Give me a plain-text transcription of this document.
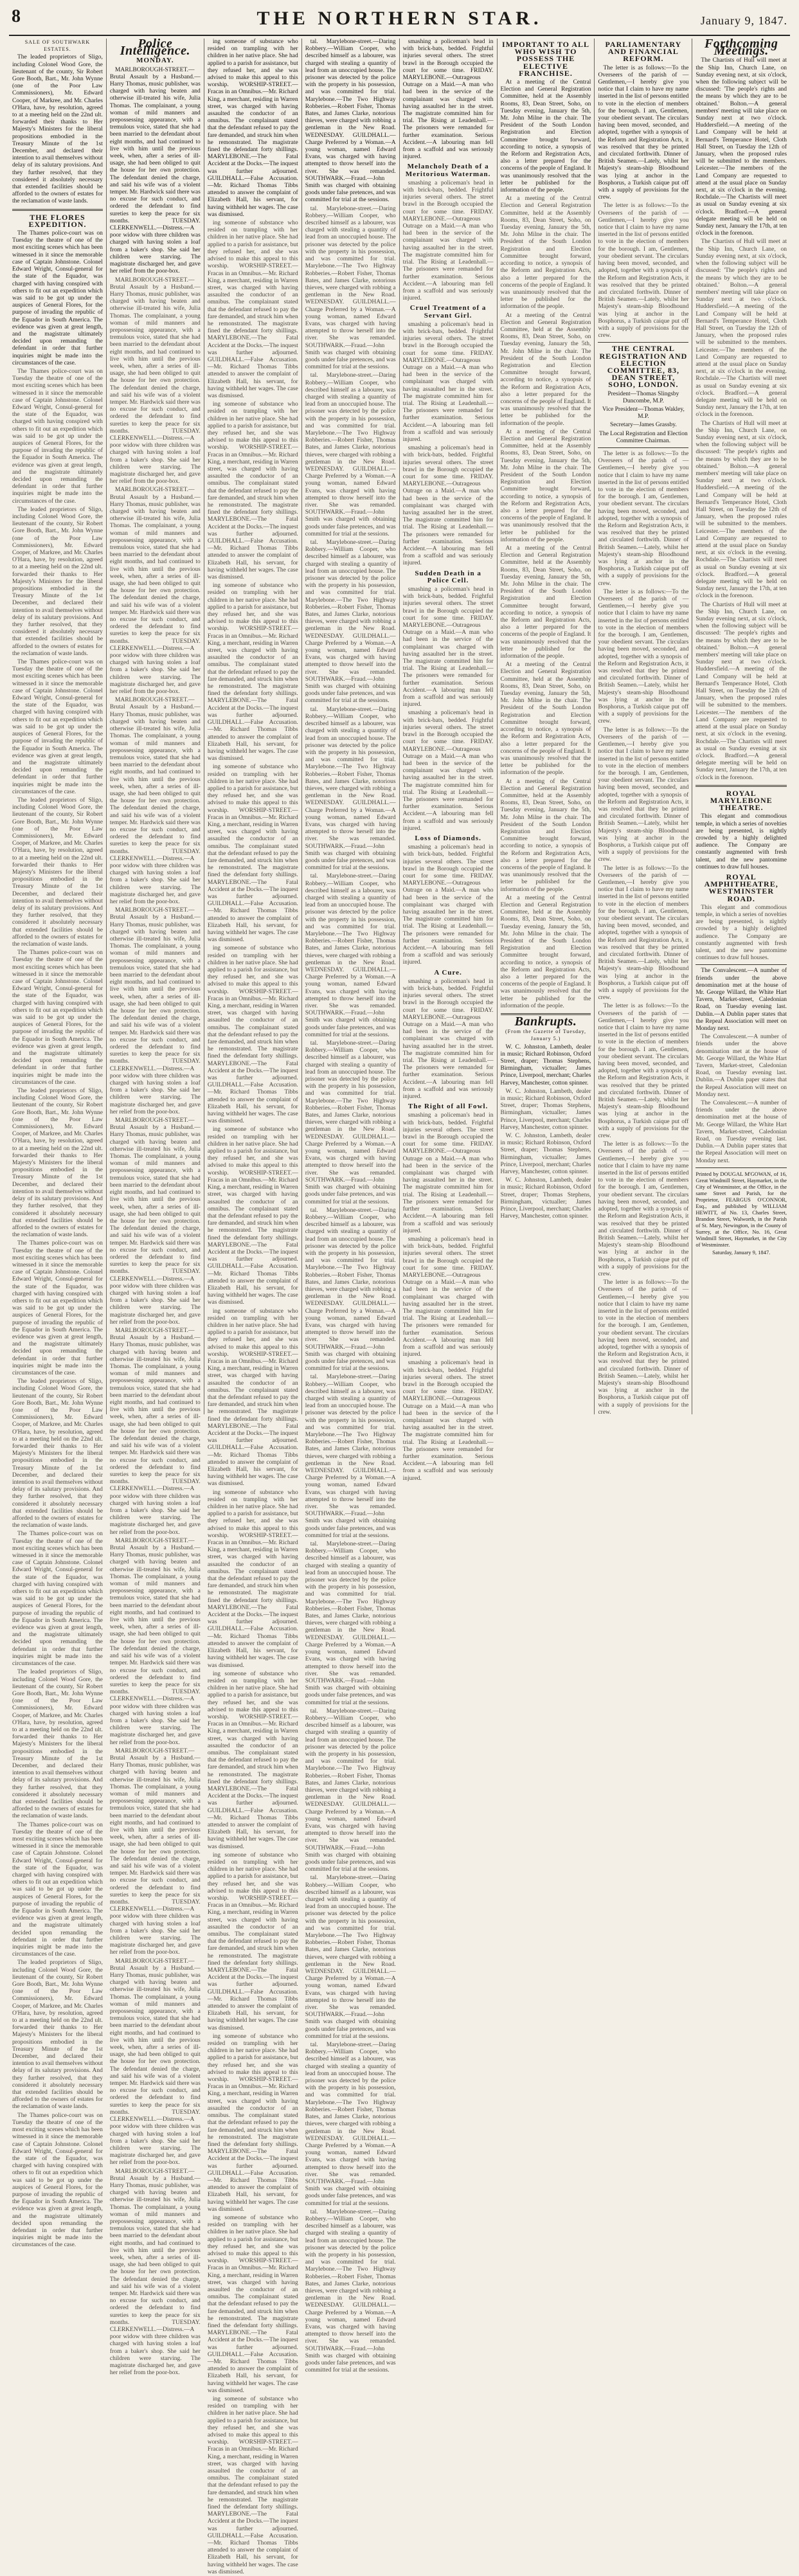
8	THE NORTHERN STAR.	January 9, 1847.
SALE OF SOUTHWARK ESTATES.

The leaded proprietors of Sligo, including Colonel Wood Gore, the lieutenant of the county, Sir Robert Gore Booth, Bart., Mr. John Wynne (one of the Poor Law Commissioners), Mr. Edward Cooper, of Markree, and Mr. Charles O'Hara, have, by resolution, agreed to at a meeting held on the 22nd ult. forwarded their thanks to Her Majesty's Ministers for the liberal propositions embodied in the Treasury Minute of the 1st December, and declared their intention to avail themselves without delay of its salutary provisions. And they further resolved, that they considered it absolutely necessary that extended facilities should be afforded to the owners of estates for the reclamation of waste lands.

THE FLORES EXPEDITION.

The Thames police-court was on Tuesday the theatre of one of the most exciting scenes which has been witnessed in it since the memorable case of Captain Johnstone. Colonel Edward Wright, Consul-general for the state of the Equador, was charged with having conspired with others to fit out an expedition which was said to be got up under the auspices of General Flores, for the purpose of invading the republic of the Equador in South America. The evidence was given at great length, and the magistrate ultimately decided upon remanding the defendant in order that further inquiries might be made into the circumstances of the case.

The Thames police-court was on Tuesday the theatre of one of the most exciting scenes which has been witnessed in it since the memorable case of Captain Johnstone. Colonel Edward Wright, Consul-general for the state of the Equador, was charged with having conspired with others to fit out an expedition which was said to be got up under the auspices of General Flores, for the purpose of invading the republic of the Equador in South America. The evidence was given at great length, and the magistrate ultimately decided upon remanding the defendant in order that further inquiries might be made into the circumstances of the case.

The leaded proprietors of Sligo, including Colonel Wood Gore, the lieutenant of the county, Sir Robert Gore Booth, Bart., Mr. John Wynne (one of the Poor Law Commissioners), Mr. Edward Cooper, of Markree, and Mr. Charles O'Hara, have, by resolution, agreed to at a meeting held on the 22nd ult. forwarded their thanks to Her Majesty's Ministers for the liberal propositions embodied in the Treasury Minute of the 1st December, and declared their intention to avail themselves without delay of its salutary provisions. And they further resolved, that they considered it absolutely necessary that extended facilities should be afforded to the owners of estates for the reclamation of waste lands.

The Thames police-court was on Tuesday the theatre of one of the most exciting scenes which has been witnessed in it since the memorable case of Captain Johnstone. Colonel Edward Wright, Consul-general for the state of the Equador, was charged with having conspired with others to fit out an expedition which was said to be got up under the auspices of General Flores, for the purpose of invading the republic of the Equador in South America. The evidence was given at great length, and the magistrate ultimately decided upon remanding the defendant in order that further inquiries might be made into the circumstances of the case.

The leaded proprietors of Sligo, including Colonel Wood Gore, the lieutenant of the county, Sir Robert Gore Booth, Bart., Mr. John Wynne (one of the Poor Law Commissioners), Mr. Edward Cooper, of Markree, and Mr. Charles O'Hara, have, by resolution, agreed to at a meeting held on the 22nd ult. forwarded their thanks to Her Majesty's Ministers for the liberal propositions embodied in the Treasury Minute of the 1st December, and declared their intention to avail themselves without delay of its salutary provisions. And they further resolved, that they considered it absolutely necessary that extended facilities should be afforded to the owners of estates for the reclamation of waste lands.

The Thames police-court was on Tuesday the theatre of one of the most exciting scenes which has been witnessed in it since the memorable case of Captain Johnstone. Colonel Edward Wright, Consul-general for the state of the Equador, was charged with having conspired with others to fit out an expedition which was said to be got up under the auspices of General Flores, for the purpose of invading the republic of the Equador in South America. The evidence was given at great length, and the magistrate ultimately decided upon remanding the defendant in order that further inquiries might be made into the circumstances of the case.

The leaded proprietors of Sligo, including Colonel Wood Gore, the lieutenant of the county, Sir Robert Gore Booth, Bart., Mr. John Wynne (one of the Poor Law Commissioners), Mr. Edward Cooper, of Markree, and Mr. Charles O'Hara, have, by resolution, agreed to at a meeting held on the 22nd ult. forwarded their thanks to Her Majesty's Ministers for the liberal propositions embodied in the Treasury Minute of the 1st December, and declared their intention to avail themselves without delay of its salutary provisions. And they further resolved, that they considered it absolutely necessary that extended facilities should be afforded to the owners of estates for the reclamation of waste lands.

The Thames police-court was on Tuesday the theatre of one of the most exciting scenes which has been witnessed in it since the memorable case of Captain Johnstone. Colonel Edward Wright, Consul-general for the state of the Equador, was charged with having conspired with others to fit out an expedition which was said to be got up under the auspices of General Flores, for the purpose of invading the republic of the Equador in South America. The evidence was given at great length, and the magistrate ultimately decided upon remanding the defendant in order that further inquiries might be made into the circumstances of the case.

The leaded proprietors of Sligo, including Colonel Wood Gore, the lieutenant of the county, Sir Robert Gore Booth, Bart., Mr. John Wynne (one of the Poor Law Commissioners), Mr. Edward Cooper, of Markree, and Mr. Charles O'Hara, have, by resolution, agreed to at a meeting held on the 22nd ult. forwarded their thanks to Her Majesty's Ministers for the liberal propositions embodied in the Treasury Minute of the 1st December, and declared their intention to avail themselves without delay of its salutary provisions. And they further resolved, that they considered it absolutely necessary that extended facilities should be afforded to the owners of estates for the reclamation of waste lands.

The Thames police-court was on Tuesday the theatre of one of the most exciting scenes which has been witnessed in it since the memorable case of Captain Johnstone. Colonel Edward Wright, Consul-general for the state of the Equador, was charged with having conspired with others to fit out an expedition which was said to be got up under the auspices of General Flores, for the purpose of invading the republic of the Equador in South America. The evidence was given at great length, and the magistrate ultimately decided upon remanding the defendant in order that further inquiries might be made into the circumstances of the case.

The leaded proprietors of Sligo, including Colonel Wood Gore, the lieutenant of the county, Sir Robert Gore Booth, Bart., Mr. John Wynne (one of the Poor Law Commissioners), Mr. Edward Cooper, of Markree, and Mr. Charles O'Hara, have, by resolution, agreed to at a meeting held on the 22nd ult. forwarded their thanks to Her Majesty's Ministers for the liberal propositions embodied in the Treasury Minute of the 1st December, and declared their intention to avail themselves without delay of its salutary provisions. And they further resolved, that they considered it absolutely necessary that extended facilities should be afforded to the owners of estates for the reclamation of waste lands.

The Thames police-court was on Tuesday the theatre of one of the most exciting scenes which has been witnessed in it since the memorable case of Captain Johnstone. Colonel Edward Wright, Consul-general for the state of the Equador, was charged with having conspired with others to fit out an expedition which was said to be got up under the auspices of General Flores, for the purpose of invading the republic of the Equador in South America. The evidence was given at great length, and the magistrate ultimately decided upon remanding the defendant in order that further inquiries might be made into the circumstances of the case.

The leaded proprietors of Sligo, including Colonel Wood Gore, the lieutenant of the county, Sir Robert Gore Booth, Bart., Mr. John Wynne (one of the Poor Law Commissioners), Mr. Edward Cooper, of Markree, and Mr. Charles O'Hara, have, by resolution, agreed to at a meeting held on the 22nd ult. forwarded their thanks to Her Majesty's Ministers for the liberal propositions embodied in the Treasury Minute of the 1st December, and declared their intention to avail themselves without delay of its salutary provisions. And they further resolved, that they considered it absolutely necessary that extended facilities should be afforded to the owners of estates for the reclamation of waste lands.

The Thames police-court was on Tuesday the theatre of one of the most exciting scenes which has been witnessed in it since the memorable case of Captain Johnstone. Colonel Edward Wright, Consul-general for the state of the Equador, was charged with having conspired with others to fit out an expedition which was said to be got up under the auspices of General Flores, for the purpose of invading the republic of the Equador in South America. The evidence was given at great length, and the magistrate ultimately decided upon remanding the defendant in order that further inquiries might be made into the circumstances of the case.

Police Intelligence.
MONDAY.

MARLBOROUGH-STREET.—Brutal Assault by a Husband.—Harry Thomas, music publisher, was charged with having beaten and otherwise ill-treated his wife, Julia Thomas. The complainant, a young woman of mild manners and prepossessing appearance, with a tremulous voice, stated that she had been married to the defendant about eight months, and had continued to live with him until the previous week, when, after a series of ill-usage, she had been obliged to quit the house for her own protection. The defendant denied the charge, and said his wife was of a violent temper. Mr. Hardwick said there was no excuse for such conduct, and ordered the defendant to find sureties to keep the peace for six months. TUESDAY. CLERKENWELL.—Distress.—A poor widow with three children was charged with having stolen a loaf from a baker's shop. She said her children were starving. The magistrate discharged her, and gave her relief from the poor-box.

MARLBOROUGH-STREET.—Brutal Assault by a Husband.—Harry Thomas, music publisher, was charged with having beaten and otherwise ill-treated his wife, Julia Thomas. The complainant, a young woman of mild manners and prepossessing appearance, with a tremulous voice, stated that she had been married to the defendant about eight months, and had continued to live with him until the previous week, when, after a series of ill-usage, she had been obliged to quit the house for her own protection. The defendant denied the charge, and said his wife was of a violent temper. Mr. Hardwick said there was no excuse for such conduct, and ordered the defendant to find sureties to keep the peace for six months. TUESDAY. CLERKENWELL.—Distress.—A poor widow with three children was charged with having stolen a loaf from a baker's shop. She said her children were starving. The magistrate discharged her, and gave her relief from the poor-box.

MARLBOROUGH-STREET.—Brutal Assault by a Husband.—Harry Thomas, music publisher, was charged with having beaten and otherwise ill-treated his wife, Julia Thomas. The complainant, a young woman of mild manners and prepossessing appearance, with a tremulous voice, stated that she had been married to the defendant about eight months, and had continued to live with him until the previous week, when, after a series of ill-usage, she had been obliged to quit the house for her own protection. The defendant denied the charge, and said his wife was of a violent temper. Mr. Hardwick said there was no excuse for such conduct, and ordered the defendant to find sureties to keep the peace for six months. TUESDAY. CLERKENWELL.—Distress.—A poor widow with three children was charged with having stolen a loaf from a baker's shop. She said her children were starving. The magistrate discharged her, and gave her relief from the poor-box.

MARLBOROUGH-STREET.—Brutal Assault by a Husband.—Harry Thomas, music publisher, was charged with having beaten and otherwise ill-treated his wife, Julia Thomas. The complainant, a young woman of mild manners and prepossessing appearance, with a tremulous voice, stated that she had been married to the defendant about eight months, and had continued to live with him until the previous week, when, after a series of ill-usage, she had been obliged to quit the house for her own protection. The defendant denied the charge, and said his wife was of a violent temper. Mr. Hardwick said there was no excuse for such conduct, and ordered the defendant to find sureties to keep the peace for six months. TUESDAY. CLERKENWELL.—Distress.—A poor widow with three children was charged with having stolen a loaf from a baker's shop. She said her children were starving. The magistrate discharged her, and gave her relief from the poor-box.

MARLBOROUGH-STREET.—Brutal Assault by a Husband.—Harry Thomas, music publisher, was charged with having beaten and otherwise ill-treated his wife, Julia Thomas. The complainant, a young woman of mild manners and prepossessing appearance, with a tremulous voice, stated that she had been married to the defendant about eight months, and had continued to live with him until the previous week, when, after a series of ill-usage, she had been obliged to quit the house for her own protection. The defendant denied the charge, and said his wife was of a violent temper. Mr. Hardwick said there was no excuse for such conduct, and ordered the defendant to find sureties to keep the peace for six months. TUESDAY. CLERKENWELL.—Distress.—A poor widow with three children was charged with having stolen a loaf from a baker's shop. She said her children were starving. The magistrate discharged her, and gave her relief from the poor-box.

MARLBOROUGH-STREET.—Brutal Assault by a Husband.—Harry Thomas, music publisher, was charged with having beaten and otherwise ill-treated his wife, Julia Thomas. The complainant, a young woman of mild manners and prepossessing appearance, with a tremulous voice, stated that she had been married to the defendant about eight months, and had continued to live with him until the previous week, when, after a series of ill-usage, she had been obliged to quit the house for her own protection. The defendant denied the charge, and said his wife was of a violent temper. Mr. Hardwick said there was no excuse for such conduct, and ordered the defendant to find sureties to keep the peace for six months. TUESDAY. CLERKENWELL.—Distress.—A poor widow with three children was charged with having stolen a loaf from a baker's shop. She said her children were starving. The magistrate discharged her, and gave her relief from the poor-box.

MARLBOROUGH-STREET.—Brutal Assault by a Husband.—Harry Thomas, music publisher, was charged with having beaten and otherwise ill-treated his wife, Julia Thomas. The complainant, a young woman of mild manners and prepossessing appearance, with a tremulous voice, stated that she had been married to the defendant about eight months, and had continued to live with him until the previous week, when, after a series of ill-usage, she had been obliged to quit the house for her own protection. The defendant denied the charge, and said his wife was of a violent temper. Mr. Hardwick said there was no excuse for such conduct, and ordered the defendant to find sureties to keep the peace for six months. TUESDAY. CLERKENWELL.—Distress.—A poor widow with three children was charged with having stolen a loaf from a baker's shop. She said her children were starving. The magistrate discharged her, and gave her relief from the poor-box.

MARLBOROUGH-STREET.—Brutal Assault by a Husband.—Harry Thomas, music publisher, was charged with having beaten and otherwise ill-treated his wife, Julia Thomas. The complainant, a young woman of mild manners and prepossessing appearance, with a tremulous voice, stated that she had been married to the defendant about eight months, and had continued to live with him until the previous week, when, after a series of ill-usage, she had been obliged to quit the house for her own protection. The defendant denied the charge, and said his wife was of a violent temper. Mr. Hardwick said there was no excuse for such conduct, and ordered the defendant to find sureties to keep the peace for six months. TUESDAY. CLERKENWELL.—Distress.—A poor widow with three children was charged with having stolen a loaf from a baker's shop. She said her children were starving. The magistrate discharged her, and gave her relief from the poor-box.

MARLBOROUGH-STREET.—Brutal Assault by a Husband.—Harry Thomas, music publisher, was charged with having beaten and otherwise ill-treated his wife, Julia Thomas. The complainant, a young woman of mild manners and prepossessing appearance, with a tremulous voice, stated that she had been married to the defendant about eight months, and had continued to live with him until the previous week, when, after a series of ill-usage, she had been obliged to quit the house for her own protection. The defendant denied the charge, and said his wife was of a violent temper. Mr. Hardwick said there was no excuse for such conduct, and ordered the defendant to find sureties to keep the peace for six months. TUESDAY. CLERKENWELL.—Distress.—A poor widow with three children was charged with having stolen a loaf from a baker's shop. She said her children were starving. The magistrate discharged her, and gave her relief from the poor-box.

MARLBOROUGH-STREET.—Brutal Assault by a Husband.—Harry Thomas, music publisher, was charged with having beaten and otherwise ill-treated his wife, Julia Thomas. The complainant, a young woman of mild manners and prepossessing appearance, with a tremulous voice, stated that she had been married to the defendant about eight months, and had continued to live with him until the previous week, when, after a series of ill-usage, she had been obliged to quit the house for her own protection. The defendant denied the charge, and said his wife was of a violent temper. Mr. Hardwick said there was no excuse for such conduct, and ordered the defendant to find sureties to keep the peace for six months. TUESDAY. CLERKENWELL.—Distress.—A poor widow with three children was charged with having stolen a loaf from a baker's shop. She said her children were starving. The magistrate discharged her, and gave her relief from the poor-box.

MARLBOROUGH-STREET.—Brutal Assault by a Husband.—Harry Thomas, music publisher, was charged with having beaten and otherwise ill-treated his wife, Julia Thomas. The complainant, a young woman of mild manners and prepossessing appearance, with a tremulous voice, stated that she had been married to the defendant about eight months, and had continued to live with him until the previous week, when, after a series of ill-usage, she had been obliged to quit the house for her own protection. The defendant denied the charge, and said his wife was of a violent temper. Mr. Hardwick said there was no excuse for such conduct, and ordered the defendant to find sureties to keep the peace for six months. TUESDAY. CLERKENWELL.—Distress.—A poor widow with three children was charged with having stolen a loaf from a baker's shop. She said her children were starving. The magistrate discharged her, and gave her relief from the poor-box.

ing someone of substance who resided on trampling with her children in her native place. She had applied to a parish for assistance, but they refused her, and she was advised to make this appeal to this worship. WORSHIP-STREET.—Fracas in an Omnibus.—Mr. Richard King, a merchant, residing in Warren street, was charged with having assaulted the conductor of an omnibus. The complainant stated that the defendant refused to pay the fare demanded, and struck him when he remonstrated. The magistrate fined the defendant forty shillings. MARYLEBONE.—The Fatal Accident at the Docks.—The inquest was further adjourned. GUILDHALL.—False Accusation.—Mr. Richard Thomas Tibbs attended to answer the complaint of Elizabeth Hall, his servant, for having withheld her wages. The case was dismissed.

ing someone of substance who resided on trampling with her children in her native place. She had applied to a parish for assistance, but they refused her, and she was advised to make this appeal to this worship. WORSHIP-STREET.—Fracas in an Omnibus.—Mr. Richard King, a merchant, residing in Warren street, was charged with having assaulted the conductor of an omnibus. The complainant stated that the defendant refused to pay the fare demanded, and struck him when he remonstrated. The magistrate fined the defendant forty shillings. MARYLEBONE.—The Fatal Accident at the Docks.—The inquest was further adjourned. GUILDHALL.—False Accusation.—Mr. Richard Thomas Tibbs attended to answer the complaint of Elizabeth Hall, his servant, for having withheld her wages. The case was dismissed.

ing someone of substance who resided on trampling with her children in her native place. She had applied to a parish for assistance, but they refused her, and she was advised to make this appeal to this worship. WORSHIP-STREET.—Fracas in an Omnibus.—Mr. Richard King, a merchant, residing in Warren street, was charged with having assaulted the conductor of an omnibus. The complainant stated that the defendant refused to pay the fare demanded, and struck him when he remonstrated. The magistrate fined the defendant forty shillings. MARYLEBONE.—The Fatal Accident at the Docks.—The inquest was further adjourned. GUILDHALL.—False Accusation.—Mr. Richard Thomas Tibbs attended to answer the complaint of Elizabeth Hall, his servant, for having withheld her wages. The case was dismissed.

ing someone of substance who resided on trampling with her children in her native place. She had applied to a parish for assistance, but they refused her, and she was advised to make this appeal to this worship. WORSHIP-STREET.—Fracas in an Omnibus.—Mr. Richard King, a merchant, residing in Warren street, was charged with having assaulted the conductor of an omnibus. The complainant stated that the defendant refused to pay the fare demanded, and struck him when he remonstrated. The magistrate fined the defendant forty shillings. MARYLEBONE.—The Fatal Accident at the Docks.—The inquest was further adjourned. GUILDHALL.—False Accusation.—Mr. Richard Thomas Tibbs attended to answer the complaint of Elizabeth Hall, his servant, for having withheld her wages. The case was dismissed.

ing someone of substance who resided on trampling with her children in her native place. She had applied to a parish for assistance, but they refused her, and she was advised to make this appeal to this worship. WORSHIP-STREET.—Fracas in an Omnibus.—Mr. Richard King, a merchant, residing in Warren street, was charged with having assaulted the conductor of an omnibus. The complainant stated that the defendant refused to pay the fare demanded, and struck him when he remonstrated. The magistrate fined the defendant forty shillings. MARYLEBONE.—The Fatal Accident at the Docks.—The inquest was further adjourned. GUILDHALL.—False Accusation.—Mr. Richard Thomas Tibbs attended to answer the complaint of Elizabeth Hall, his servant, for having withheld her wages. The case was dismissed.

ing someone of substance who resided on trampling with her children in her native place. She had applied to a parish for assistance, but they refused her, and she was advised to make this appeal to this worship. WORSHIP-STREET.—Fracas in an Omnibus.—Mr. Richard King, a merchant, residing in Warren street, was charged with having assaulted the conductor of an omnibus. The complainant stated that the defendant refused to pay the fare demanded, and struck him when he remonstrated. The magistrate fined the defendant forty shillings. MARYLEBONE.—The Fatal Accident at the Docks.—The inquest was further adjourned. GUILDHALL.—False Accusation.—Mr. Richard Thomas Tibbs attended to answer the complaint of Elizabeth Hall, his servant, for having withheld her wages. The case was dismissed.

ing someone of substance who resided on trampling with her children in her native place. She had applied to a parish for assistance, but they refused her, and she was advised to make this appeal to this worship. WORSHIP-STREET.—Fracas in an Omnibus.—Mr. Richard King, a merchant, residing in Warren street, was charged with having assaulted the conductor of an omnibus. The complainant stated that the defendant refused to pay the fare demanded, and struck him when he remonstrated. The magistrate fined the defendant forty shillings. MARYLEBONE.—The Fatal Accident at the Docks.—The inquest was further adjourned. GUILDHALL.—False Accusation.—Mr. Richard Thomas Tibbs attended to answer the complaint of Elizabeth Hall, his servant, for having withheld her wages. The case was dismissed.

ing someone of substance who resided on trampling with her children in her native place. She had applied to a parish for assistance, but they refused her, and she was advised to make this appeal to this worship. WORSHIP-STREET.—Fracas in an Omnibus.—Mr. Richard King, a merchant, residing in Warren street, was charged with having assaulted the conductor of an omnibus. The complainant stated that the defendant refused to pay the fare demanded, and struck him when he remonstrated. The magistrate fined the defendant forty shillings. MARYLEBONE.—The Fatal Accident at the Docks.—The inquest was further adjourned. GUILDHALL.—False Accusation.—Mr. Richard Thomas Tibbs attended to answer the complaint of Elizabeth Hall, his servant, for having withheld her wages. The case was dismissed.

ing someone of substance who resided on trampling with her children in her native place. She had applied to a parish for assistance, but they refused her, and she was advised to make this appeal to this worship. WORSHIP-STREET.—Fracas in an Omnibus.—Mr. Richard King, a merchant, residing in Warren street, was charged with having assaulted the conductor of an omnibus. The complainant stated that the defendant refused to pay the fare demanded, and struck him when he remonstrated. The magistrate fined the defendant forty shillings. MARYLEBONE.—The Fatal Accident at the Docks.—The inquest was further adjourned. GUILDHALL.—False Accusation.—Mr. Richard Thomas Tibbs attended to answer the complaint of Elizabeth Hall, his servant, for having withheld her wages. The case was dismissed.

ing someone of substance who resided on trampling with her children in her native place. She had applied to a parish for assistance, but they refused her, and she was advised to make this appeal to this worship. WORSHIP-STREET.—Fracas in an Omnibus.—Mr. Richard King, a merchant, residing in Warren street, was charged with having assaulted the conductor of an omnibus. The complainant stated that the defendant refused to pay the fare demanded, and struck him when he remonstrated. The magistrate fined the defendant forty shillings. MARYLEBONE.—The Fatal Accident at the Docks.—The inquest was further adjourned. GUILDHALL.—False Accusation.—Mr. Richard Thomas Tibbs attended to answer the complaint of Elizabeth Hall, his servant, for having withheld her wages. The case was dismissed.

ing someone of substance who resided on trampling with her children in her native place. She had applied to a parish for assistance, but they refused her, and she was advised to make this appeal to this worship. WORSHIP-STREET.—Fracas in an Omnibus.—Mr. Richard King, a merchant, residing in Warren street, was charged with having assaulted the conductor of an omnibus. The complainant stated that the defendant refused to pay the fare demanded, and struck him when he remonstrated. The magistrate fined the defendant forty shillings. MARYLEBONE.—The Fatal Accident at the Docks.—The inquest was further adjourned. GUILDHALL.—False Accusation.—Mr. Richard Thomas Tibbs attended to answer the complaint of Elizabeth Hall, his servant, for having withheld her wages. The case was dismissed.

ing someone of substance who resided on trampling with her children in her native place. She had applied to a parish for assistance, but they refused her, and she was advised to make this appeal to this worship. WORSHIP-STREET.—Fracas in an Omnibus.—Mr. Richard King, a merchant, residing in Warren street, was charged with having assaulted the conductor of an omnibus. The complainant stated that the defendant refused to pay the fare demanded, and struck him when he remonstrated. The magistrate fined the defendant forty shillings. MARYLEBONE.—The Fatal Accident at the Docks.—The inquest was further adjourned. GUILDHALL.—False Accusation.—Mr. Richard Thomas Tibbs attended to answer the complaint of Elizabeth Hall, his servant, for having withheld her wages. The case was dismissed.

ing someone of substance who resided on trampling with her children in her native place. She had applied to a parish for assistance, but they refused her, and she was advised to make this appeal to this worship. WORSHIP-STREET.—Fracas in an Omnibus.—Mr. Richard King, a merchant, residing in Warren street, was charged with having assaulted the conductor of an omnibus. The complainant stated that the defendant refused to pay the fare demanded, and struck him when he remonstrated. The magistrate fined the defendant forty shillings. MARYLEBONE.—The Fatal Accident at the Docks.—The inquest was further adjourned. GUILDHALL.—False Accusation.—Mr. Richard Thomas Tibbs attended to answer the complaint of Elizabeth Hall, his servant, for having withheld her wages. The case was dismissed.

ing someone of substance who resided on trampling with her children in her native place. She had applied to a parish for assistance, but they refused her, and she was advised to make this appeal to this worship. WORSHIP-STREET.—Fracas in an Omnibus.—Mr. Richard King, a merchant, residing in Warren street, was charged with having assaulted the conductor of an omnibus. The complainant stated that the defendant refused to pay the fare demanded, and struck him when he remonstrated. The magistrate fined the defendant forty shillings. MARYLEBONE.—The Fatal Accident at the Docks.—The inquest was further adjourned. GUILDHALL.—False Accusation.—Mr. Richard Thomas Tibbs attended to answer the complaint of Elizabeth Hall, his servant, for having withheld her wages. The case was dismissed.

tal. Marylebone-street.—Daring Robbery.—William Cooper, who described himself as a labourer, was charged with stealing a quantity of lead from an unoccupied house. The prisoner was detected by the police with the property in his possession, and was committed for trial. Marylebone.—The Two Highway Robberies.—Robert Fisher, Thomas Bates, and James Clarke, notorious thieves, were charged with robbing a gentleman in the New Road. WEDNESDAY. GUILDHALL.—Charge Preferred by a Woman.—A young woman, named Edward Evans, was charged with having attempted to throw herself into the river. She was remanded. SOUTHWARK.—Fraud.—John Smith was charged with obtaining goods under false pretences, and was committed for trial at the sessions.

tal. Marylebone-street.—Daring Robbery.—William Cooper, who described himself as a labourer, was charged with stealing a quantity of lead from an unoccupied house. The prisoner was detected by the police with the property in his possession, and was committed for trial. Marylebone.—The Two Highway Robberies.—Robert Fisher, Thomas Bates, and James Clarke, notorious thieves, were charged with robbing a gentleman in the New Road. WEDNESDAY. GUILDHALL.—Charge Preferred by a Woman.—A young woman, named Edward Evans, was charged with having attempted to throw herself into the river. She was remanded. SOUTHWARK.—Fraud.—John Smith was charged with obtaining goods under false pretences, and was committed for trial at the sessions.

tal. Marylebone-street.—Daring Robbery.—William Cooper, who described himself as a labourer, was charged with stealing a quantity of lead from an unoccupied house. The prisoner was detected by the police with the property in his possession, and was committed for trial. Marylebone.—The Two Highway Robberies.—Robert Fisher, Thomas Bates, and James Clarke, notorious thieves, were charged with robbing a gentleman in the New Road. WEDNESDAY. GUILDHALL.—Charge Preferred by a Woman.—A young woman, named Edward Evans, was charged with having attempted to throw herself into the river. She was remanded. SOUTHWARK.—Fraud.—John Smith was charged with obtaining goods under false pretences, and was committed for trial at the sessions.

tal. Marylebone-street.—Daring Robbery.—William Cooper, who described himself as a labourer, was charged with stealing a quantity of lead from an unoccupied house. The prisoner was detected by the police with the property in his possession, and was committed for trial. Marylebone.—The Two Highway Robberies.—Robert Fisher, Thomas Bates, and James Clarke, notorious thieves, were charged with robbing a gentleman in the New Road. WEDNESDAY. GUILDHALL.—Charge Preferred by a Woman.—A young woman, named Edward Evans, was charged with having attempted to throw herself into the river. She was remanded. SOUTHWARK.—Fraud.—John Smith was charged with obtaining goods under false pretences, and was committed for trial at the sessions.

tal. Marylebone-street.—Daring Robbery.—William Cooper, who described himself as a labourer, was charged with stealing a quantity of lead from an unoccupied house. The prisoner was detected by the police with the property in his possession, and was committed for trial. Marylebone.—The Two Highway Robberies.—Robert Fisher, Thomas Bates, and James Clarke, notorious thieves, were charged with robbing a gentleman in the New Road. WEDNESDAY. GUILDHALL.—Charge Preferred by a Woman.—A young woman, named Edward Evans, was charged with having attempted to throw herself into the river. She was remanded. SOUTHWARK.—Fraud.—John Smith was charged with obtaining goods under false pretences, and was committed for trial at the sessions.

tal. Marylebone-street.—Daring Robbery.—William Cooper, who described himself as a labourer, was charged with stealing a quantity of lead from an unoccupied house. The prisoner was detected by the police with the property in his possession, and was committed for trial. Marylebone.—The Two Highway Robberies.—Robert Fisher, Thomas Bates, and James Clarke, notorious thieves, were charged with robbing a gentleman in the New Road. WEDNESDAY. GUILDHALL.—Charge Preferred by a Woman.—A young woman, named Edward Evans, was charged with having attempted to throw herself into the river. She was remanded. SOUTHWARK.—Fraud.—John Smith was charged with obtaining goods under false pretences, and was committed for trial at the sessions.

tal. Marylebone-street.—Daring Robbery.—William Cooper, who described himself as a labourer, was charged with stealing a quantity of lead from an unoccupied house. The prisoner was detected by the police with the property in his possession, and was committed for trial. Marylebone.—The Two Highway Robberies.—Robert Fisher, Thomas Bates, and James Clarke, notorious thieves, were charged with robbing a gentleman in the New Road. WEDNESDAY. GUILDHALL.—Charge Preferred by a Woman.—A young woman, named Edward Evans, was charged with having attempted to throw herself into the river. She was remanded. SOUTHWARK.—Fraud.—John Smith was charged with obtaining goods under false pretences, and was committed for trial at the sessions.

tal. Marylebone-street.—Daring Robbery.—William Cooper, who described himself as a labourer, was charged with stealing a quantity of lead from an unoccupied house. The prisoner was detected by the police with the property in his possession, and was committed for trial. Marylebone.—The Two Highway Robberies.—Robert Fisher, Thomas Bates, and James Clarke, notorious thieves, were charged with robbing a gentleman in the New Road. WEDNESDAY. GUILDHALL.—Charge Preferred by a Woman.—A young woman, named Edward Evans, was charged with having attempted to throw herself into the river. She was remanded. SOUTHWARK.—Fraud.—John Smith was charged with obtaining goods under false pretences, and was committed for trial at the sessions.

tal. Marylebone-street.—Daring Robbery.—William Cooper, who described himself as a labourer, was charged with stealing a quantity of lead from an unoccupied house. The prisoner was detected by the police with the property in his possession, and was committed for trial. Marylebone.—The Two Highway Robberies.—Robert Fisher, Thomas Bates, and James Clarke, notorious thieves, were charged with robbing a gentleman in the New Road. WEDNESDAY. GUILDHALL.—Charge Preferred by a Woman.—A young woman, named Edward Evans, was charged with having attempted to throw herself into the river. She was remanded. SOUTHWARK.—Fraud.—John Smith was charged with obtaining goods under false pretences, and was committed for trial at the sessions.

tal. Marylebone-street.—Daring Robbery.—William Cooper, who described himself as a labourer, was charged with stealing a quantity of lead from an unoccupied house. The prisoner was detected by the police with the property in his possession, and was committed for trial. Marylebone.—The Two Highway Robberies.—Robert Fisher, Thomas Bates, and James Clarke, notorious thieves, were charged with robbing a gentleman in the New Road. WEDNESDAY. GUILDHALL.—Charge Preferred by a Woman.—A young woman, named Edward Evans, was charged with having attempted to throw herself into the river. She was remanded. SOUTHWARK.—Fraud.—John Smith was charged with obtaining goods under false pretences, and was committed for trial at the sessions.

tal. Marylebone-street.—Daring Robbery.—William Cooper, who described himself as a labourer, was charged with stealing a quantity of lead from an unoccupied house. The prisoner was detected by the police with the property in his possession, and was committed for trial. Marylebone.—The Two Highway Robberies.—Robert Fisher, Thomas Bates, and James Clarke, notorious thieves, were charged with robbing a gentleman in the New Road. WEDNESDAY. GUILDHALL.—Charge Preferred by a Woman.—A young woman, named Edward Evans, was charged with having attempted to throw herself into the river. She was remanded. SOUTHWARK.—Fraud.—John Smith was charged with obtaining goods under false pretences, and was committed for trial at the sessions.

tal. Marylebone-street.—Daring Robbery.—William Cooper, who described himself as a labourer, was charged with stealing a quantity of lead from an unoccupied house. The prisoner was detected by the police with the property in his possession, and was committed for trial. Marylebone.—The Two Highway Robberies.—Robert Fisher, Thomas Bates, and James Clarke, notorious thieves, were charged with robbing a gentleman in the New Road. WEDNESDAY. GUILDHALL.—Charge Preferred by a Woman.—A young woman, named Edward Evans, was charged with having attempted to throw herself into the river. She was remanded. SOUTHWARK.—Fraud.—John Smith was charged with obtaining goods under false pretences, and was committed for trial at the sessions.

tal. Marylebone-street.—Daring Robbery.—William Cooper, who described himself as a labourer, was charged with stealing a quantity of lead from an unoccupied house. The prisoner was detected by the police with the property in his possession, and was committed for trial. Marylebone.—The Two Highway Robberies.—Robert Fisher, Thomas Bates, and James Clarke, notorious thieves, were charged with robbing a gentleman in the New Road. WEDNESDAY. GUILDHALL.—Charge Preferred by a Woman.—A young woman, named Edward Evans, was charged with having attempted to throw herself into the river. She was remanded. SOUTHWARK.—Fraud.—John Smith was charged with obtaining goods under false pretences, and was committed for trial at the sessions.

tal. Marylebone-street.—Daring Robbery.—William Cooper, who described himself as a labourer, was charged with stealing a quantity of lead from an unoccupied house. The prisoner was detected by the police with the property in his possession, and was committed for trial. Marylebone.—The Two Highway Robberies.—Robert Fisher, Thomas Bates, and James Clarke, notorious thieves, were charged with robbing a gentleman in the New Road. WEDNESDAY. GUILDHALL.—Charge Preferred by a Woman.—A young woman, named Edward Evans, was charged with having attempted to throw herself into the river. She was remanded. SOUTHWARK.—Fraud.—John Smith was charged with obtaining goods under false pretences, and was committed for trial at the sessions.

smashing a policeman's head in with brick-bats, bedded. Frightful injuries several others. The street brawl in the Borough occupied the court for some time. FRIDAY. MARYLEBONE.—Outrageous Outrage on a Maid.—A man who had been in the service of the complainant was charged with having assaulted her in the street. The magistrate committed him for trial. The Rising at Leadenhall.—The prisoners were remanded for further examination. Serious Accident.—A labouring man fell from a scaffold and was seriously injured.

Melancholy Death of a Meritorious Waterman.

smashing a policeman's head in with brick-bats, bedded. Frightful injuries several others. The street brawl in the Borough occupied the court for some time. FRIDAY. MARYLEBONE.—Outrageous Outrage on a Maid.—A man who had been in the service of the complainant was charged with having assaulted her in the street. The magistrate committed him for trial. The Rising at Leadenhall.—The prisoners were remanded for further examination. Serious Accident.—A labouring man fell from a scaffold and was seriously injured.

Cruel Treatment of a Servant Girl.

smashing a policeman's head in with brick-bats, bedded. Frightful injuries several others. The street brawl in the Borough occupied the court for some time. FRIDAY. MARYLEBONE.—Outrageous Outrage on a Maid.—A man who had been in the service of the complainant was charged with having assaulted her in the street. The magistrate committed him for trial. The Rising at Leadenhall.—The prisoners were remanded for further examination. Serious Accident.—A labouring man fell from a scaffold and was seriously injured.

smashing a policeman's head in with brick-bats, bedded. Frightful injuries several others. The street brawl in the Borough occupied the court for some time. FRIDAY. MARYLEBONE.—Outrageous Outrage on a Maid.—A man who had been in the service of the complainant was charged with having assaulted her in the street. The magistrate committed him for trial. The Rising at Leadenhall.—The prisoners were remanded for further examination. Serious Accident.—A labouring man fell from a scaffold and was seriously injured.

Sudden Death in a Police Cell.

smashing a policeman's head in with brick-bats, bedded. Frightful injuries several others. The street brawl in the Borough occupied the court for some time. FRIDAY. MARYLEBONE.—Outrageous Outrage on a Maid.—A man who had been in the service of the complainant was charged with having assaulted her in the street. The magistrate committed him for trial. The Rising at Leadenhall.—The prisoners were remanded for further examination. Serious Accident.—A labouring man fell from a scaffold and was seriously injured.

smashing a policeman's head in with brick-bats, bedded. Frightful injuries several others. The street brawl in the Borough occupied the court for some time. FRIDAY. MARYLEBONE.—Outrageous Outrage on a Maid.—A man who had been in the service of the complainant was charged with having assaulted her in the street. The magistrate committed him for trial. The Rising at Leadenhall.—The prisoners were remanded for further examination. Serious Accident.—A labouring man fell from a scaffold and was seriously injured.

Loss of Diamonds.

smashing a policeman's head in with brick-bats, bedded. Frightful injuries several others. The street brawl in the Borough occupied the court for some time. FRIDAY. MARYLEBONE.—Outrageous Outrage on a Maid.—A man who had been in the service of the complainant was charged with having assaulted her in the street. The magistrate committed him for trial. The Rising at Leadenhall.—The prisoners were remanded for further examination. Serious Accident.—A labouring man fell from a scaffold and was seriously injured.

A Cure.

smashing a policeman's head in with brick-bats, bedded. Frightful injuries several others. The street brawl in the Borough occupied the court for some time. FRIDAY. MARYLEBONE.—Outrageous Outrage on a Maid.—A man who had been in the service of the complainant was charged with having assaulted her in the street. The magistrate committed him for trial. The Rising at Leadenhall.—The prisoners were remanded for further examination. Serious Accident.—A labouring man fell from a scaffold and was seriously injured.

The Right of all Fowl.

smashing a policeman's head in with brick-bats, bedded. Frightful injuries several others. The street brawl in the Borough occupied the court for some time. FRIDAY. MARYLEBONE.—Outrageous Outrage on a Maid.—A man who had been in the service of the complainant was charged with having assaulted her in the street. The magistrate committed him for trial. The Rising at Leadenhall.—The prisoners were remanded for further examination. Serious Accident.—A labouring man fell from a scaffold and was seriously injured.

smashing a policeman's head in with brick-bats, bedded. Frightful injuries several others. The street brawl in the Borough occupied the court for some time. FRIDAY. MARYLEBONE.—Outrageous Outrage on a Maid.—A man who had been in the service of the complainant was charged with having assaulted her in the street. The magistrate committed him for trial. The Rising at Leadenhall.—The prisoners were remanded for further examination. Serious Accident.—A labouring man fell from a scaffold and was seriously injured.

smashing a policeman's head in with brick-bats, bedded. Frightful injuries several others. The street brawl in the Borough occupied the court for some time. FRIDAY. MARYLEBONE.—Outrageous Outrage on a Maid.—A man who had been in the service of the complainant was charged with having assaulted her in the street. The magistrate committed him for trial. The Rising at Leadenhall.—The prisoners were remanded for further examination. Serious Accident.—A labouring man fell from a scaffold and was seriously injured.

IMPORTANT TO ALL WHO WISH TO POSSESS THE ELECTIVE FRANCHISE.

At a meeting of the Central Election and General Registration Committee, held at the Assembly Rooms, 83, Dean Street, Soho, on Tuesday evening, January the 5th, Mr. John Milne in the chair. The President of the South London Registration and Election Committee brought forward, according to notice, a synopsis of the Reform and Registration Acts, also a letter prepared for the concerns of the people of England. It was unanimously resolved that the letter be published for the information of the people.

At a meeting of the Central Election and General Registration Committee, held at the Assembly Rooms, 83, Dean Street, Soho, on Tuesday evening, January the 5th, Mr. John Milne in the chair. The President of the South London Registration and Election Committee brought forward, according to notice, a synopsis of the Reform and Registration Acts, also a letter prepared for the concerns of the people of England. It was unanimously resolved that the letter be published for the information of the people.

At a meeting of the Central Election and General Registration Committee, held at the Assembly Rooms, 83, Dean Street, Soho, on Tuesday evening, January the 5th, Mr. John Milne in the chair. The President of the South London Registration and Election Committee brought forward, according to notice, a synopsis of the Reform and Registration Acts, also a letter prepared for the concerns of the people of England. It was unanimously resolved that the letter be published for the information of the people.

At a meeting of the Central Election and General Registration Committee, held at the Assembly Rooms, 83, Dean Street, Soho, on Tuesday evening, January the 5th, Mr. John Milne in the chair. The President of the South London Registration and Election Committee brought forward, according to notice, a synopsis of the Reform and Registration Acts, also a letter prepared for the concerns of the people of England. It was unanimously resolved that the letter be published for the information of the people.

At a meeting of the Central Election and General Registration Committee, held at the Assembly Rooms, 83, Dean Street, Soho, on Tuesday evening, January the 5th, Mr. John Milne in the chair. The President of the South London Registration and Election Committee brought forward, according to notice, a synopsis of the Reform and Registration Acts, also a letter prepared for the concerns of the people of England. It was unanimously resolved that the letter be published for the information of the people.

At a meeting of the Central Election and General Registration Committee, held at the Assembly Rooms, 83, Dean Street, Soho, on Tuesday evening, January the 5th, Mr. John Milne in the chair. The President of the South London Registration and Election Committee brought forward, according to notice, a synopsis of the Reform and Registration Acts, also a letter prepared for the concerns of the people of England. It was unanimously resolved that the letter be published for the information of the people.

At a meeting of the Central Election and General Registration Committee, held at the Assembly Rooms, 83, Dean Street, Soho, on Tuesday evening, January the 5th, Mr. John Milne in the chair. The President of the South London Registration and Election Committee brought forward, according to notice, a synopsis of the Reform and Registration Acts, also a letter prepared for the concerns of the people of England. It was unanimously resolved that the letter be published for the information of the people.

At a meeting of the Central Election and General Registration Committee, held at the Assembly Rooms, 83, Dean Street, Soho, on Tuesday evening, January the 5th, Mr. John Milne in the chair. The President of the South London Registration and Election Committee brought forward, according to notice, a synopsis of the Reform and Registration Acts, also a letter prepared for the concerns of the people of England. It was unanimously resolved that the letter be published for the information of the people.

Bankrupts.
(From the Gazette of Tuesday, January 5.)

W. C. Johnston, Lambeth, dealer in music; Richard Robinson, Oxford Street, draper; Thomas Stephens, Birmingham, victualler; James Prince, Liverpool, merchant; Charles Harvey, Manchester, cotton spinner.

W. C. Johnston, Lambeth, dealer in music; Richard Robinson, Oxford Street, draper; Thomas Stephens, Birmingham, victualler; James Prince, Liverpool, merchant; Charles Harvey, Manchester, cotton spinner.

W. C. Johnston, Lambeth, dealer in music; Richard Robinson, Oxford Street, draper; Thomas Stephens, Birmingham, victualler; James Prince, Liverpool, merchant; Charles Harvey, Manchester, cotton spinner.

W. C. Johnston, Lambeth, dealer in music; Richard Robinson, Oxford Street, draper; Thomas Stephens, Birmingham, victualler; James Prince, Liverpool, merchant; Charles Harvey, Manchester, cotton spinner.

PARLIAMENTARY AND FINANCIAL REFORM.

The letter is as follows:—To the Overseers of the parish of — Gentlemen,—I hereby give you notice that I claim to have my name inserted in the list of persons entitled to vote in the election of members for the borough. I am, Gentlemen, your obedient servant. The circulars having been moved, seconded, and adopted, together with a synopsis of the Reform and Registration Acts, it was resolved that they be printed and circulated forthwith. Dinner of British Seamen.—Lately, whilst her Majesty's steam-ship Bloodhound was lying at anchor in the Bosphorus, a Turkish caique put off with a supply of provisions for the crew.

The letter is as follows:—To the Overseers of the parish of — Gentlemen,—I hereby give you notice that I claim to have my name inserted in the list of persons entitled to vote in the election of members for the borough. I am, Gentlemen, your obedient servant. The circulars having been moved, seconded, and adopted, together with a synopsis of the Reform and Registration Acts, it was resolved that they be printed and circulated forthwith. Dinner of British Seamen.—Lately, whilst her Majesty's steam-ship Bloodhound was lying at anchor in the Bosphorus, a Turkish caique put off with a supply of provisions for the crew.

THE CENTRAL REGISTRATION AND ELECTION COMMITTEE, 83, DEAN STREET, SOHO, LONDON.

President—Thomas Slingsby Duncombe, M.P.

Vice President—Thomas Wakley, M.P.

Secretary—James Grassby.

The Local Registration and Election Committee Chairman.

The letter is as follows:—To the Overseers of the parish of — Gentlemen,—I hereby give you notice that I claim to have my name inserted in the list of persons entitled to vote in the election of members for the borough. I am, Gentlemen, your obedient servant. The circulars having been moved, seconded, and adopted, together with a synopsis of the Reform and Registration Acts, it was resolved that they be printed and circulated forthwith. Dinner of British Seamen.—Lately, whilst her Majesty's steam-ship Bloodhound was lying at anchor in the Bosphorus, a Turkish caique put off with a supply of provisions for the crew.

The letter is as follows:—To the Overseers of the parish of — Gentlemen,—I hereby give you notice that I claim to have my name inserted in the list of persons entitled to vote in the election of members for the borough. I am, Gentlemen, your obedient servant. The circulars having been moved, seconded, and adopted, together with a synopsis of the Reform and Registration Acts, it was resolved that they be printed and circulated forthwith. Dinner of British Seamen.—Lately, whilst her Majesty's steam-ship Bloodhound was lying at anchor in the Bosphorus, a Turkish caique put off with a supply of provisions for the crew.

The letter is as follows:—To the Overseers of the parish of — Gentlemen,—I hereby give you notice that I claim to have my name inserted in the list of persons entitled to vote in the election of members for the borough. I am, Gentlemen, your obedient servant. The circulars having been moved, seconded, and adopted, together with a synopsis of the Reform and Registration Acts, it was resolved that they be printed and circulated forthwith. Dinner of British Seamen.—Lately, whilst her Majesty's steam-ship Bloodhound was lying at anchor in the Bosphorus, a Turkish caique put off with a supply of provisions for the crew.

The letter is as follows:—To the Overseers of the parish of — Gentlemen,—I hereby give you notice that I claim to have my name inserted in the list of persons entitled to vote in the election of members for the borough. I am, Gentlemen, your obedient servant. The circulars having been moved, seconded, and adopted, together with a synopsis of the Reform and Registration Acts, it was resolved that they be printed and circulated forthwith. Dinner of British Seamen.—Lately, whilst her Majesty's steam-ship Bloodhound was lying at anchor in the Bosphorus, a Turkish caique put off with a supply of provisions for the crew.

The letter is as follows:—To the Overseers of the parish of — Gentlemen,—I hereby give you notice that I claim to have my name inserted in the list of persons entitled to vote in the election of members for the borough. I am, Gentlemen, your obedient servant. The circulars having been moved, seconded, and adopted, together with a synopsis of the Reform and Registration Acts, it was resolved that they be printed and circulated forthwith. Dinner of British Seamen.—Lately, whilst her Majesty's steam-ship Bloodhound was lying at anchor in the Bosphorus, a Turkish caique put off with a supply of provisions for the crew.

The letter is as follows:—To the Overseers of the parish of — Gentlemen,—I hereby give you notice that I claim to have my name inserted in the list of persons entitled to vote in the election of members for the borough. I am, Gentlemen, your obedient servant. The circulars having been moved, seconded, and adopted, together with a synopsis of the Reform and Registration Acts, it was resolved that they be printed and circulated forthwith. Dinner of British Seamen.—Lately, whilst her Majesty's steam-ship Bloodhound was lying at anchor in the Bosphorus, a Turkish caique put off with a supply of provisions for the crew.

The letter is as follows:—To the Overseers of the parish of — Gentlemen,—I hereby give you notice that I claim to have my name inserted in the list of persons entitled to vote in the election of members for the borough. I am, Gentlemen, your obedient servant. The circulars having been moved, seconded, and adopted, together with a synopsis of the Reform and Registration Acts, it was resolved that they be printed and circulated forthwith. Dinner of British Seamen.—Lately, whilst her Majesty's steam-ship Bloodhound was lying at anchor in the Bosphorus, a Turkish caique put off with a supply of provisions for the crew.

Forthcoming Meetings.

The Chartists of Hull will meet at the Ship Inn, Church Lane, on Sunday evening next, at six o'clock, when the following subject will be discussed: 'The people's rights and the means by which they are to be obtained.' Bolton.—A general members' meeting will take place on Sunday next at two o'clock. Huddersfield.—A meeting of the Land Company will be held at Bernard's Temperance Hotel, Cloth Hall Street, on Tuesday the 12th of January, when the proposed rules will be submitted to the members. Leicester.—The members of the Land Company are requested to attend at the usual place on Sunday next, at six o'clock in the evening. Rochdale.—The Chartists will meet as usual on Sunday evening at six o'clock. Bradford.—A general delegate meeting will be held on Sunday next, January the 17th, at ten o'clock in the forenoon.

The Chartists of Hull will meet at the Ship Inn, Church Lane, on Sunday evening next, at six o'clock, when the following subject will be discussed: 'The people's rights and the means by which they are to be obtained.' Bolton.—A general members' meeting will take place on Sunday next at two o'clock. Huddersfield.—A meeting of the Land Company will be held at Bernard's Temperance Hotel, Cloth Hall Street, on Tuesday the 12th of January, when the proposed rules will be submitted to the members. Leicester.—The members of the Land Company are requested to attend at the usual place on Sunday next, at six o'clock in the evening. Rochdale.—The Chartists will meet as usual on Sunday evening at six o'clock. Bradford.—A general delegate meeting will be held on Sunday next, January the 17th, at ten o'clock in the forenoon.

The Chartists of Hull will meet at the Ship Inn, Church Lane, on Sunday evening next, at six o'clock, when the following subject will be discussed: 'The people's rights and the means by which they are to be obtained.' Bolton.—A general members' meeting will take place on Sunday next at two o'clock. Huddersfield.—A meeting of the Land Company will be held at Bernard's Temperance Hotel, Cloth Hall Street, on Tuesday the 12th of January, when the proposed rules will be submitted to the members. Leicester.—The members of the Land Company are requested to attend at the usual place on Sunday next, at six o'clock in the evening. Rochdale.—The Chartists will meet as usual on Sunday evening at six o'clock. Bradford.—A general delegate meeting will be held on Sunday next, January the 17th, at ten o'clock in the forenoon.

The Chartists of Hull will meet at the Ship Inn, Church Lane, on Sunday evening next, at six o'clock, when the following subject will be discussed: 'The people's rights and the means by which they are to be obtained.' Bolton.—A general members' meeting will take place on Sunday next at two o'clock. Huddersfield.—A meeting of the Land Company will be held at Bernard's Temperance Hotel, Cloth Hall Street, on Tuesday the 12th of January, when the proposed rules will be submitted to the members. Leicester.—The members of the Land Company are requested to attend at the usual place on Sunday next, at six o'clock in the evening. Rochdale.—The Chartists will meet as usual on Sunday evening at six o'clock. Bradford.—A general delegate meeting will be held on Sunday next, January the 17th, at ten o'clock in the forenoon.

ROYAL MARYLEBONE THEATRE.

This elegant and commodious temple, in which a series of novelties are being presented, is nightly crowded by a highly delighted audience. The Company are constantly augmented with fresh talent, and the new pantomime continues to draw full houses.

ROYAL AMPHITHEATRE, WESTMINSTER ROAD.

This elegant and commodious temple, in which a series of novelties are being presented, is nightly crowded by a highly delighted audience. The Company are constantly augmented with fresh talent, and the new pantomime continues to draw full houses.

The Convalescent.—A number of friends under the above denomination met at the house of Mr. George Willard, the White Hart Tavern, Market-street, Caledonian Road, on Tuesday evening last. Dublin.—A Dublin paper states that the Repeal Association will meet on Monday next.

The Convalescent.—A number of friends under the above denomination met at the house of Mr. George Willard, the White Hart Tavern, Market-street, Caledonian Road, on Tuesday evening last. Dublin.—A Dublin paper states that the Repeal Association will meet on Monday next.

The Convalescent.—A number of friends under the above denomination met at the house of Mr. George Willard, the White Hart Tavern, Market-street, Caledonian Road, on Tuesday evening last. Dublin.—A Dublin paper states that the Repeal Association will meet on Monday next.

Printed by DOUGAL M'GOWAN, of 16, Great Windmill Street, Haymarket, in the City of Westminster, at the Office, in the same Street and Parish, for the Proprietor, FEARGUS O'CONNOR, Esq., and published by WILLIAM HEWITT, of No. 13, Charles Street, Brandon Street, Walworth, in the Parish of St. Mary, Newington, in the County of Surrey, at the Office, No. 16, Great Windmill Street, Haymarket, in the City of Westminster.

Saturday, January 9, 1847.
